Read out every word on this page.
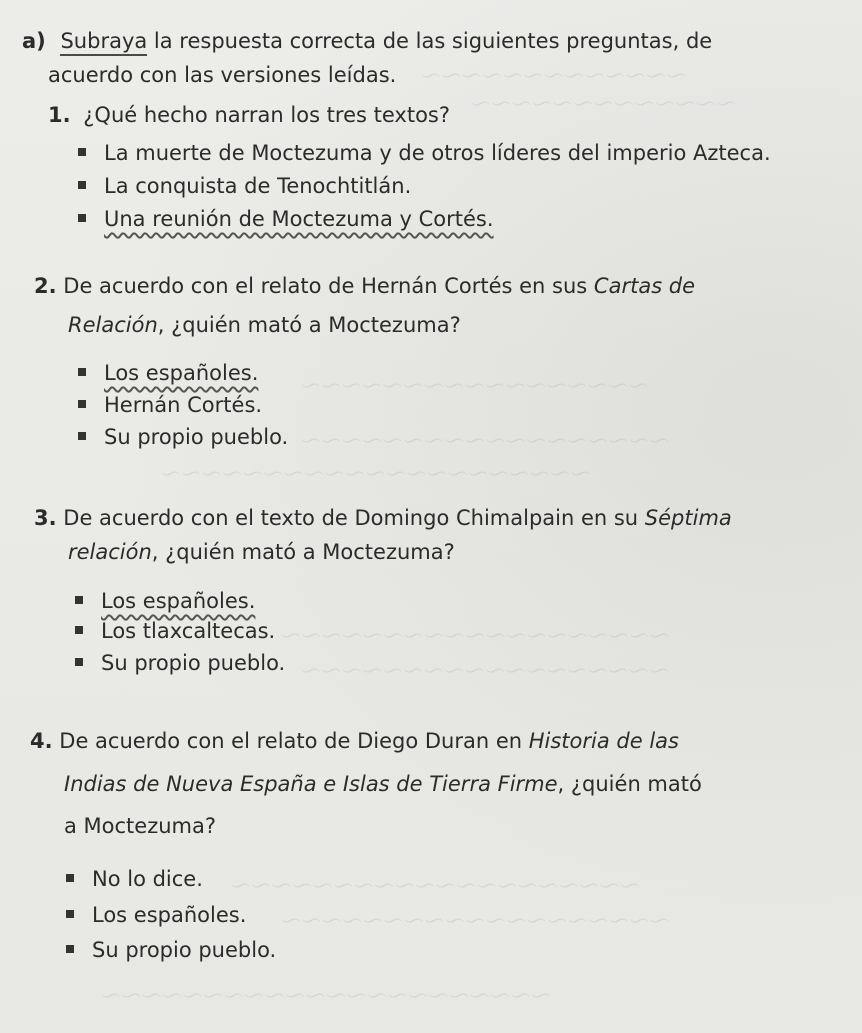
～～～～～～～～～～～～～
～～～～～～～～～～～～～
～～～～～～～～～～～～～～～～～
～～～～～～～～～～～～～～～～～～
～～～～～～～～～～～～～～～～～～～～～
～～～～～～～～～～～～～～～～～～～
～～～～～～～～～～～～～～～～～～
～～～～～～～～～～～～～～～～～～～～
～～～～～～～～～～～～～～～～～～～
～～～～～～～～～～～～～～～～～～～～～～
a) Subraya la respuesta correcta de las siguientes preguntas, de
acuerdo con las versiones leídas.
1. ¿Qué hecho narran los tres textos?
La muerte de Moctezuma y de otros líderes del imperio Azteca.
La conquista de Tenochtitlán.
Una reunión de Moctezuma y Cortés.
2. De acuerdo con el relato de Hernán Cortés en sus Cartas de
Relación, ¿quién mató a Moctezuma?
Los españoles.
Hernán Cortés.
Su propio pueblo.
3. De acuerdo con el texto de Domingo Chimalpain en su Séptima
relación, ¿quién mató a Moctezuma?
Los españoles.
Los tlaxcaltecas.
Su propio pueblo.
4. De acuerdo con el relato de Diego Duran en Historia de las
Indias de Nueva España e Islas de Tierra Firme, ¿quién mató
a Moctezuma?
No lo dice.
Los españoles.
Su propio pueblo.
